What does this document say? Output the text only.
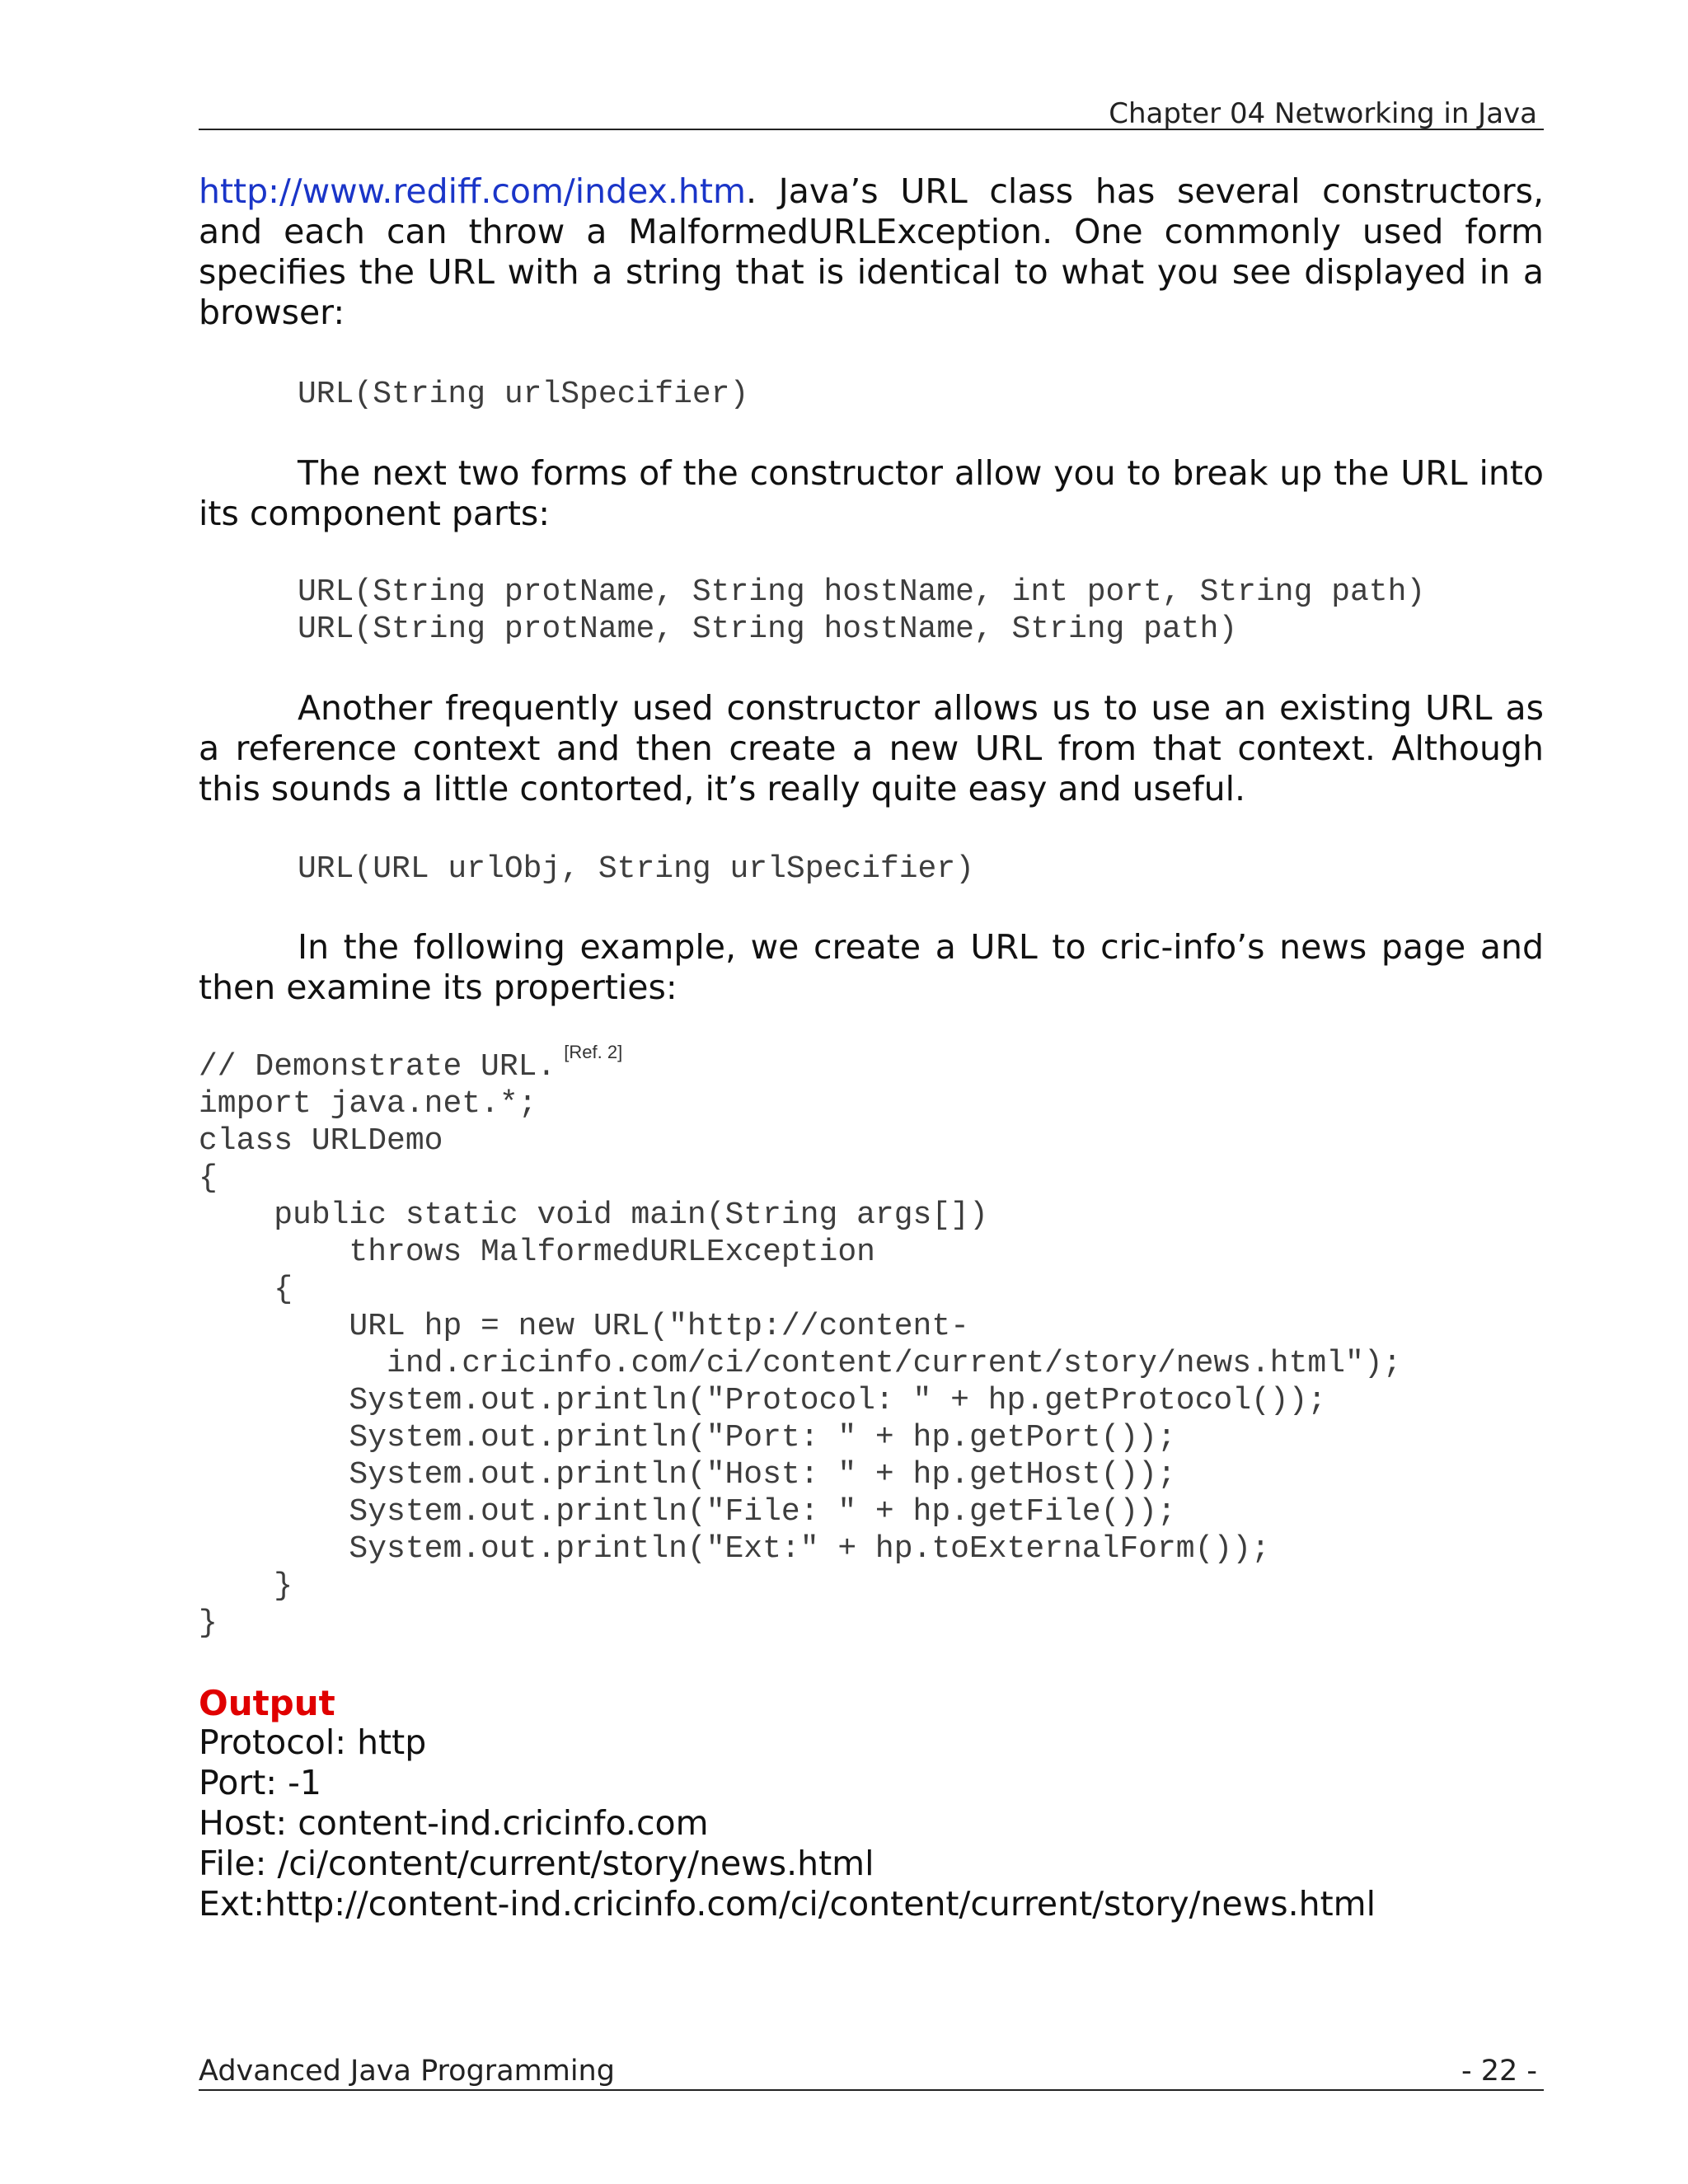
Chapter 04 Networking in Java
http://www.rediff.com/index.htm. Java’s URL class has several constructors, and each can throw a MalformedURLException. One commonly used form specifies the URL with a string that is identical to what you see displayed in a browser:
URL(String urlSpecifier)
The next two forms of the constructor allow you to break up the URL into its component parts:
URL(String protName, String hostName, int port, String path)
URL(String protName, String hostName, String path)
Another frequently used constructor allows us to use an existing URL as a reference context and then create a new URL from that context. Although this sounds a little contorted, it’s really quite easy and useful.
URL(URL urlObj, String urlSpecifier)
In the following example, we create a URL to cric-info’s news page and then examine its properties:
// Demonstrate URL. [Ref. 2]
import java.net.*;
class URLDemo
{
public static void main(String args[])
throws MalformedURLException
{
URL hp = new URL("http://content-
ind.cricinfo.com/ci/content/current/story/news.html");
System.out.println("Protocol: " + hp.getProtocol());
System.out.println("Port: " + hp.getPort());
System.out.println("Host: " + hp.getHost());
System.out.println("File: " + hp.getFile());
System.out.println("Ext:" + hp.toExternalForm());
}
}
Output
Protocol: http
Port: -1
Host: content-ind.cricinfo.com
File: /ci/content/current/story/news.html
Ext:http://content-ind.cricinfo.com/ci/content/current/story/news.html
Advanced Java Programming	- 22 -
